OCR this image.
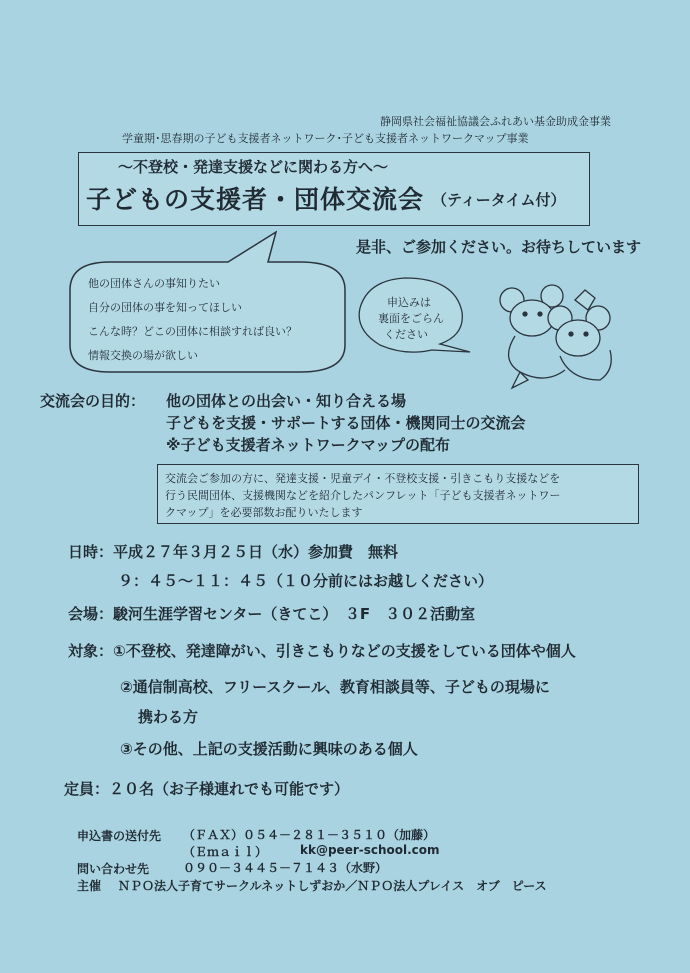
静岡県社会福祉協議会ふれあい基金助成金事業
学童期･思春期の子ども支援者ネットワーク･子ども支援者ネットワークマップ事業
～不登校・発達支援などに関わる方へ～
子どもの支援者・団体交流会 （ティータイム付）
是非、ご参加ください。お待ちしています
他の団体さんの事知りたい
自分の団体の事を知ってほしい
こんな時？どこの団体に相談すれば良い？
情報交換の場が欲しい
申込みは
裏面をごらん
ください
交流会の目的： 他の団体との出会い・知り合える場
子どもを支援・サポートする団体・機関同士の交流会
※子ども支援者ネットワークマップの配布
交流会ご参加の方に、発達支援・児童デイ・不登校支援・引きこもり支援などを
行う民間団体、支援機関などを紹介したパンフレット「子ども支援者ネットワー
クマップ」を必要部数お配りいたします
日時：平成２７年３月２５日（水）参加費　無料
９：４５～１１：４５（１０分前にはお越しください）
会場：駿河生涯学習センター（きてこ）　３F　３０２活動室
対象：①不登校、発達障がい、引きこもりなどの支援をしている団体や個人
②通信制高校、フリースクール、教育相談員等、子どもの現場に
携わる方
③その他、上記の支援活動に興味のある個人
定員：２０名（お子様連れでも可能です）
申込書の送付先 （ＦＡＸ）０５４－２８１－３５１０（加藤）
（Ｅｍａｉｌ）	kk@peer-school.com
問い合わせ先	０９０－３４４５－７１４３（水野）
主催 ＮＰＯ法人子育てサークルネットしずおか／ＮＰＯ法人プレイス　オブ　ピース
